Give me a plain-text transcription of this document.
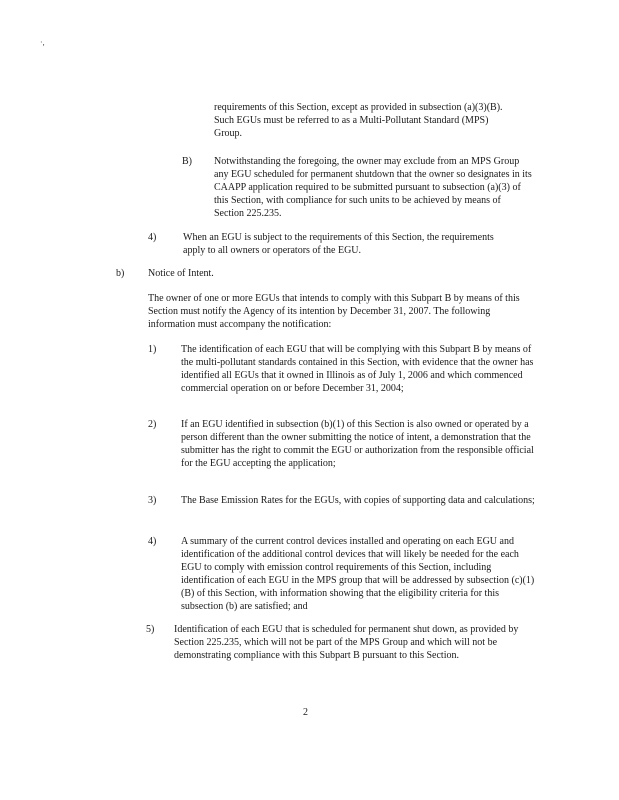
·,

requirements of this Section, except as provided in subsection (a)(3)(B). Such EGUs must be referred to as a Multi-Pollutant Standard (MPS) Group.

B) Notwithstanding the foregoing, the owner may exclude from an MPS Group any EGU scheduled for permanent shutdown that the owner so designates in its CAAPP application required to be submitted pursuant to subsection (a)(3) of this Section, with compliance for such units to be achieved by means of Section 225.235.

4)	When an EGU is subject to the requirements of this Section, the requirements apply to all owners or operators of the EGU.

b) Notice of Intent.

The owner of one or more EGUs that intends to comply with this Subpart B by means of this Section must notify the Agency of its intention by December 31, 2007. The following information must accompany the notification:

1) The identification of each EGU that will be complying with this Subpart B by means of the multi-pollutant standards contained in this Section, with evidence that the owner has identified all EGUs that it owned in Illinois as of July 1, 2006 and which commenced commercial operation on or before December 31, 2004;

2) If an EGU identified in subsection (b)(1) of this Section is also owned or operated by a person different than the owner submitting the notice of intent, a demonstration that the submitter has the right to commit the EGU or authorization from the responsible official for the EGU accepting the application;

3) The Base Emission Rates for the EGUs, with copies of supporting data and calculations;

4) A summary of the current control devices installed and operating on each EGU and identification of the additional control devices that will likely be needed for the each EGU to comply with emission control requirements of this Section, including identification of each EGU in the MPS group that will be addressed by subsection (c)(1)(B) of this Section, with information showing that the eligibility criteria for this subsection (b) are satisfied; and

5) Identification of each EGU that is scheduled for permanent shut down, as provided by Section 225.235, which will not be part of the MPS Group and which will not be demonstrating compliance with this Subpart B pursuant to this Section.

2
